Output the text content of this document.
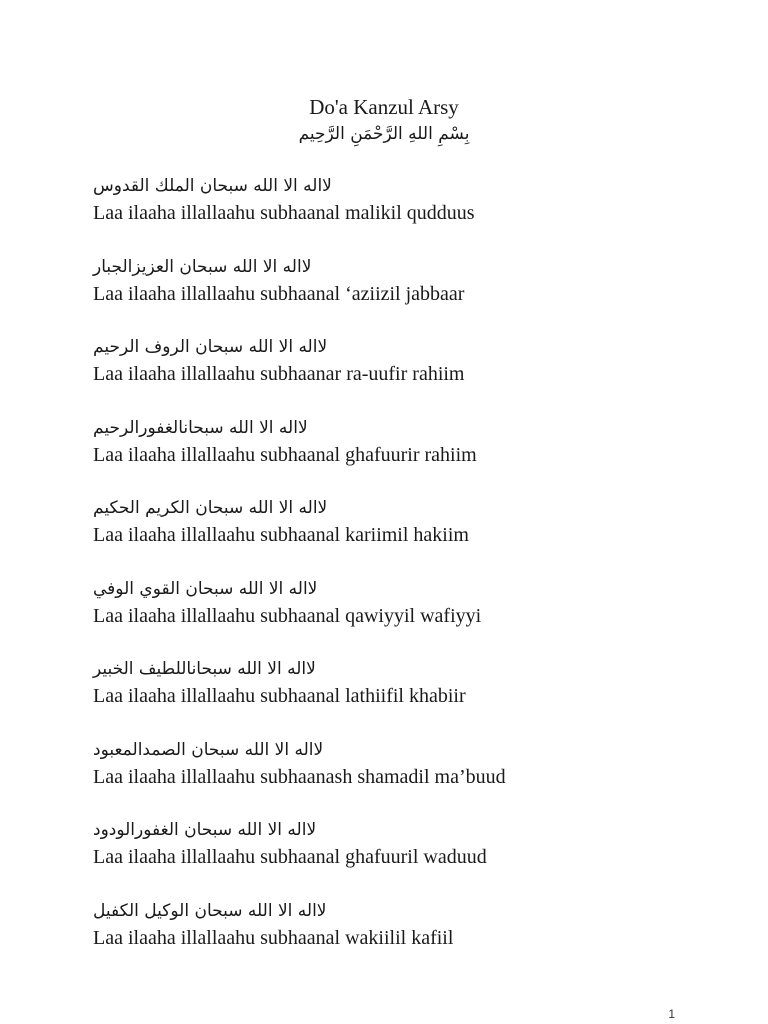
Do'a Kanzul Arsy
بِسْمِ اللهِ الرَّحْمَنِ الرَّحِيم
لااله الا الله سبحان الملك القدوس
Laa ilaaha illallaahu subhaanal malikil qudduus
لااله الا الله سبحان العزيزالجبار
Laa ilaaha illallaahu subhaanal ‘aziizil jabbaar
لااله الا الله سبحان الروف الرحيم
Laa ilaaha illallaahu subhaanar ra-uufir rahiim
لااله الا الله سبحانالغفورالرحيم
Laa ilaaha illallaahu subhaanal ghafuurir rahiim
لااله الا الله سبحان الكريم الحكيم
Laa ilaaha illallaahu subhaanal kariimil hakiim
لااله الا الله سبحان القوي الوفي
Laa ilaaha illallaahu subhaanal qawiyyil wafiyyi
لااله الا الله سبحاناللطيف الخبير
Laa ilaaha illallaahu subhaanal lathiifil khabiir
لااله الا الله سبحان الصمدالمعبود
Laa ilaaha illallaahu subhaanash shamadil ma’buud
لااله الا الله سبحان الغفورالودود
Laa ilaaha illallaahu subhaanal ghafuuril waduud
لااله الا الله سبحان الوكيل الكفيل
Laa ilaaha illallaahu subhaanal wakiilil kafiil
1
